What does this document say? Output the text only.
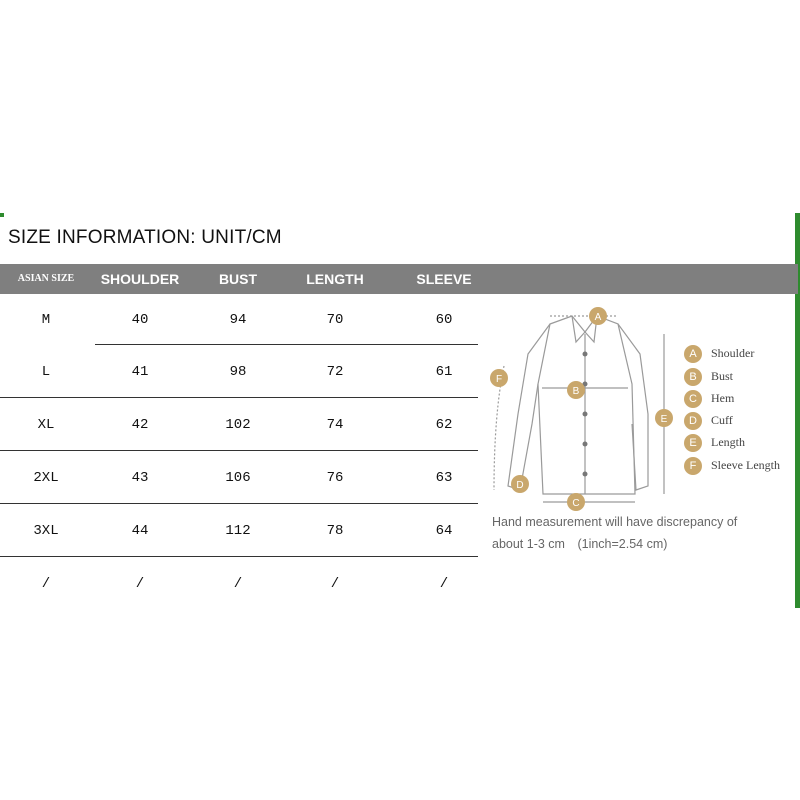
SIZE INFORMATION: UNIT/CM
ASIAN SIZE	SHOULDER	BUST	LENGTH	SLEEVE
M	40	94	70	60
L	41	98	72	61
XL	42	102	74	62
2XL	43	106	76	63
3XL	44	112	78	64
/	/	/	/	/
A
B
C
D
E
F
A	Shoulder
B	Bust
C	Hem
D	Cuff
E	Length
F	Sleeve Length
Hand measurement will have discrepancy of
about 1-3 cm　(1inch=2.54 cm)
